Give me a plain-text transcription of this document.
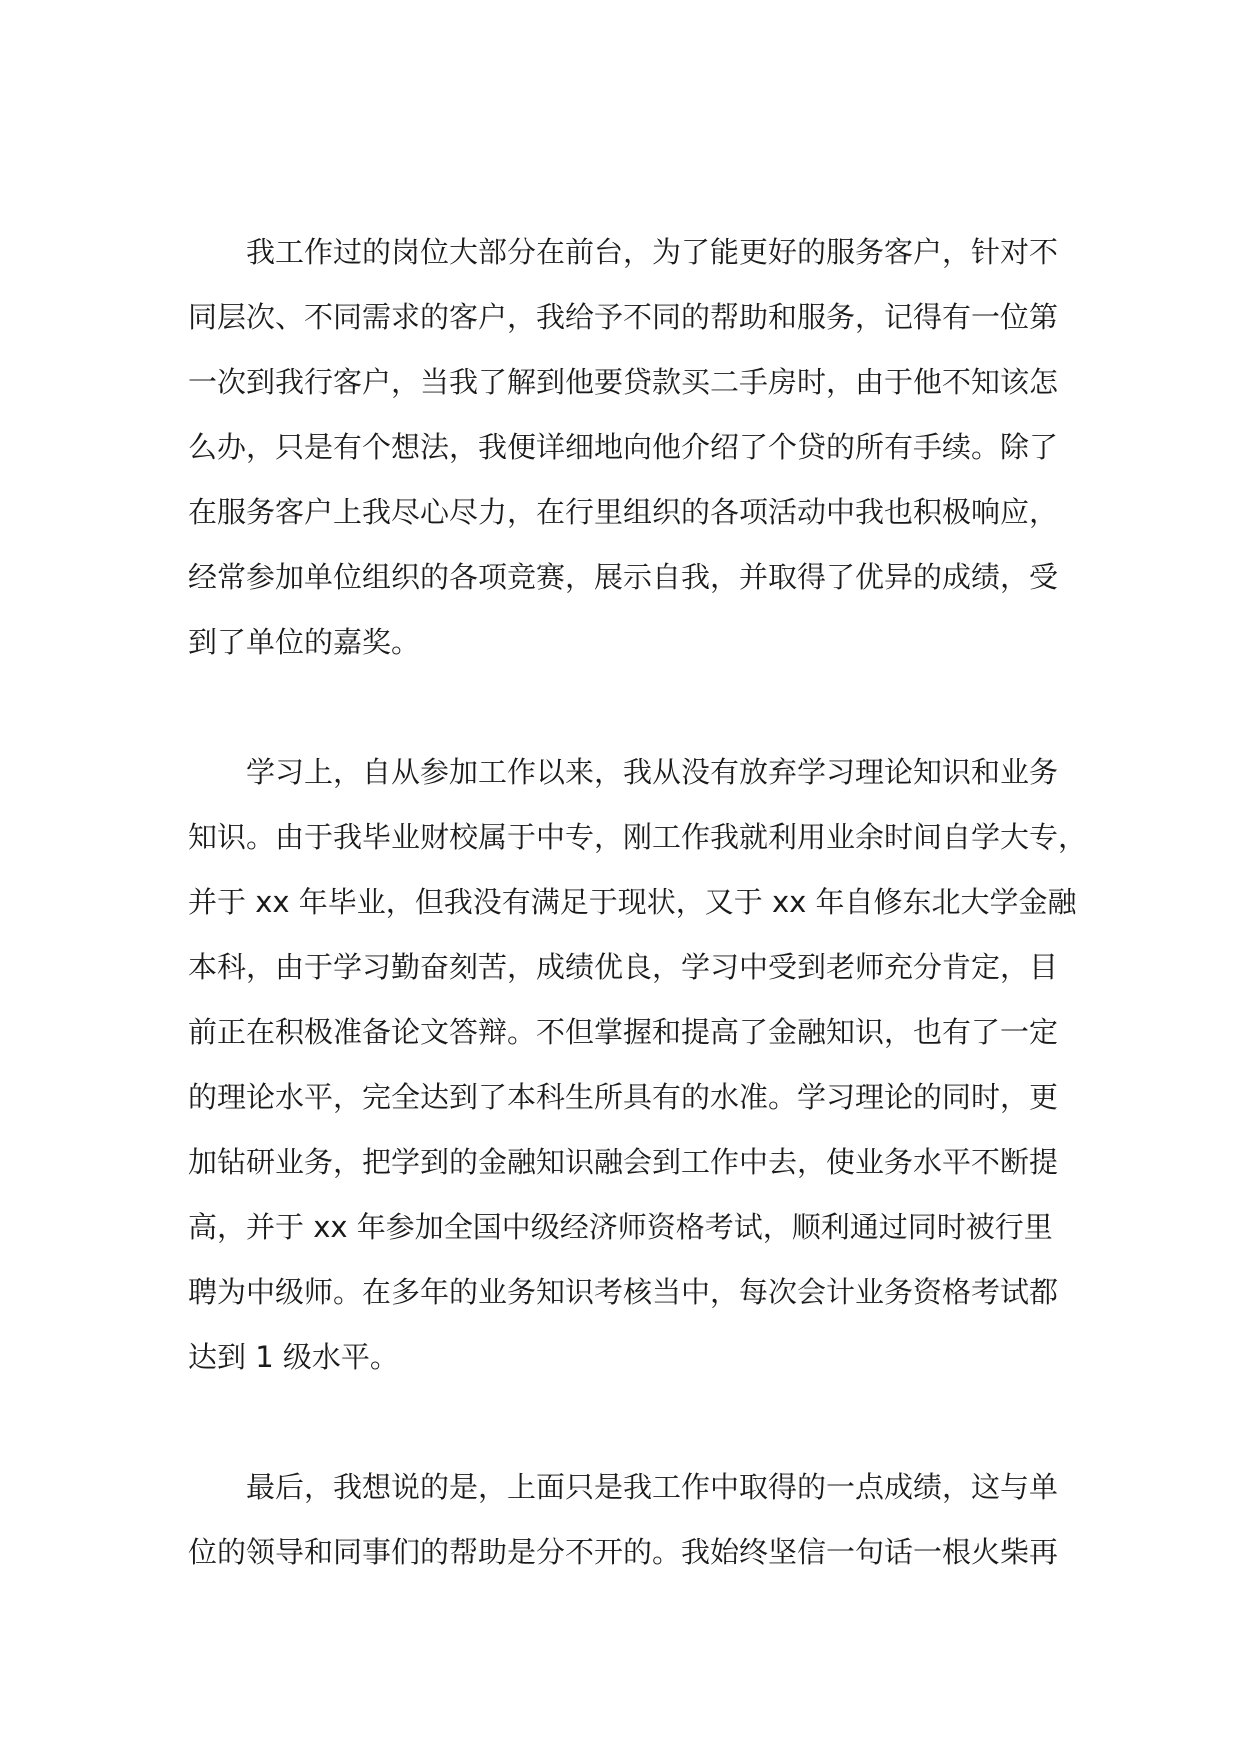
我工作过的岗位大部分在前台，为了能更好的服务客户，针对不
同层次、不同需求的客户，我给予不同的帮助和服务，记得有一位第
一次到我行客户，当我了解到他要贷款买二手房时，由于他不知该怎
么办，只是有个想法，我便详细地向他介绍了个贷的所有手续。除了
在服务客户上我尽心尽力，在行里组织的各项活动中我也积极响应，
经常参加单位组织的各项竞赛，展示自我，并取得了优异的成绩，受
到了单位的嘉奖。
学习上，自从参加工作以来，我从没有放弃学习理论知识和业务
知识。由于我毕业财校属于中专，刚工作我就利用业余时间自学大专，
并于 xx 年毕业，但我没有满足于现状，又于 xx 年自修东北大学金融
本科，由于学习勤奋刻苦，成绩优良，学习中受到老师充分肯定，目
前正在积极准备论文答辩。不但掌握和提高了金融知识，也有了一定
的理论水平，完全达到了本科生所具有的水准。学习理论的同时，更
加钻研业务，把学到的金融知识融会到工作中去，使业务水平不断提
高，并于 xx 年参加全国中级经济师资格考试，顺利通过同时被行里
聘为中级师。在多年的业务知识考核当中，每次会计业务资格考试都
达到 1 级水平。
最后，我想说的是，上面只是我工作中取得的一点成绩，这与单
位的领导和同事们的帮助是分不开的。我始终坚信一句话一根火柴再
